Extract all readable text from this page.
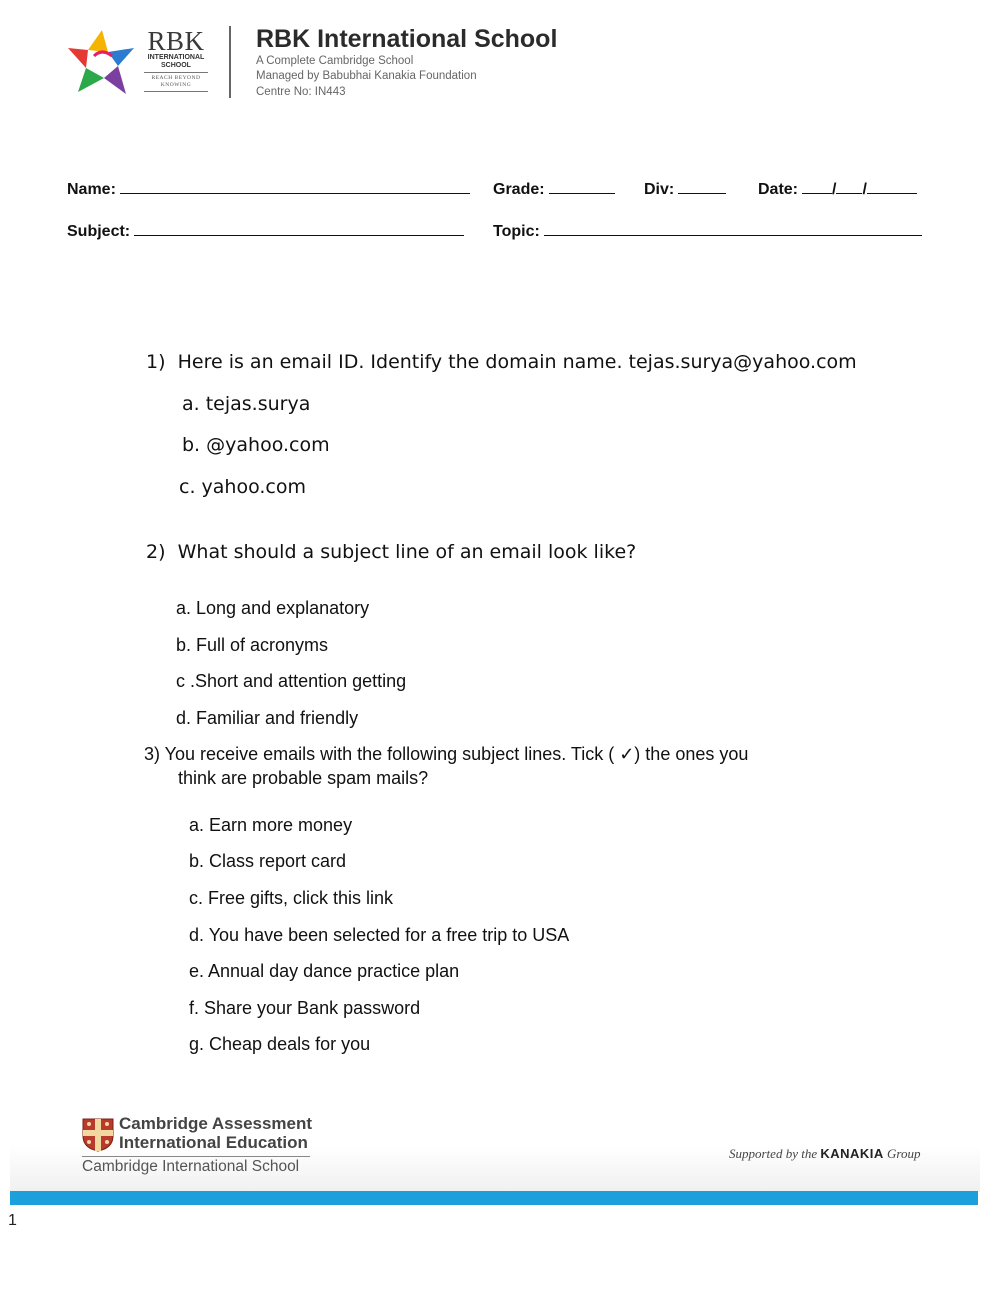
RBK
INTERNATIONAL
SCHOOL
REACH BEYOND
KNOWING
RBK International School
A Complete Cambridge School
Managed by Babubhai Kanakia Foundation
Centre No: IN443
Name:	Grade:	Div:	Date: / /
Subject:	Topic:
1) Here is an email ID. Identify the domain name. tejas.surya@yahoo.com
a. tejas.surya
b. @yahoo.com
c. yahoo.com
2) What should a subject line of an email look like?
a. Long and explanatory
b. Full of acronyms
c .Short and attention getting
d. Familiar and friendly
3) You receive emails with the following subject lines. Tick ( ✓) the ones you
think are probable spam mails?
a. Earn more money
b. Class report card
c. Free gifts, click this link
d. You have been selected for a free trip to USA
e. Annual day dance practice plan
f. Share your Bank password
g. Cheap deals for you
Cambridge Assessment
International Education
Cambridge International School
Supported by the KANAKIA Group
1
